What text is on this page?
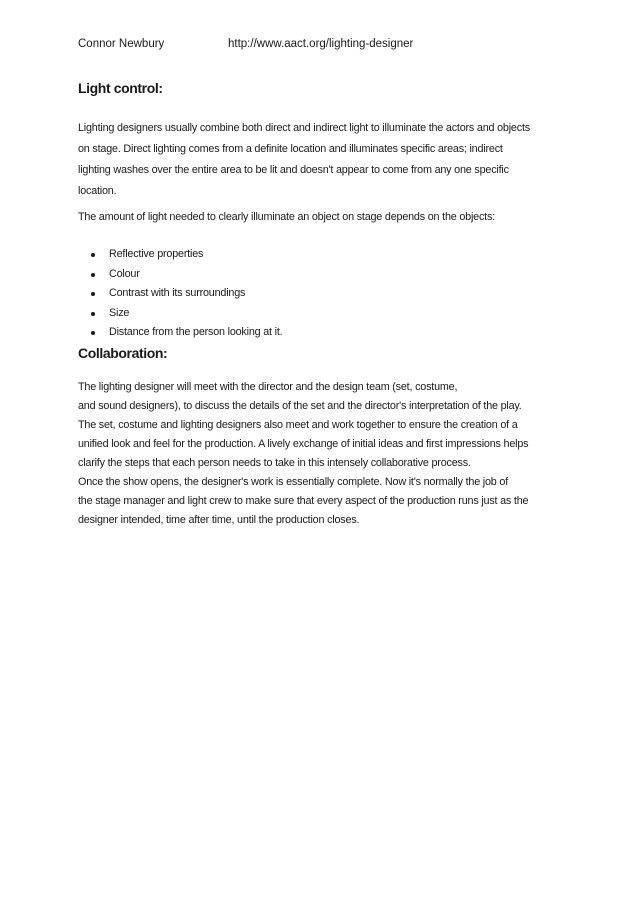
Connor Newbury	http://www.aact.org/lighting-designer
Light control:
Lighting designers usually combine both direct and indirect light to illuminate the actors and objects
on stage. Direct lighting comes from a definite location and illuminates specific areas; indirect
lighting washes over the entire area to be lit and doesn't appear to come from any one specific
location.
The amount of light needed to clearly illuminate an object on stage depends on the objects:
Reflective properties
Colour
Contrast with its surroundings
Size
Distance from the person looking at it.
Collaboration:
The lighting designer will meet with the director and the design team (set, costume,
and sound designers), to discuss the details of the set and the director's interpretation of the play.
The set, costume and lighting designers also meet and work together to ensure the creation of a
unified look and feel for the production. A lively exchange of initial ideas and first impressions helps
clarify the steps that each person needs to take in this intensely collaborative process.
Once the show opens, the designer's work is essentially complete. Now it's normally the job of
the stage manager and light crew to make sure that every aspect of the production runs just as the
designer intended, time after time, until the production closes.
